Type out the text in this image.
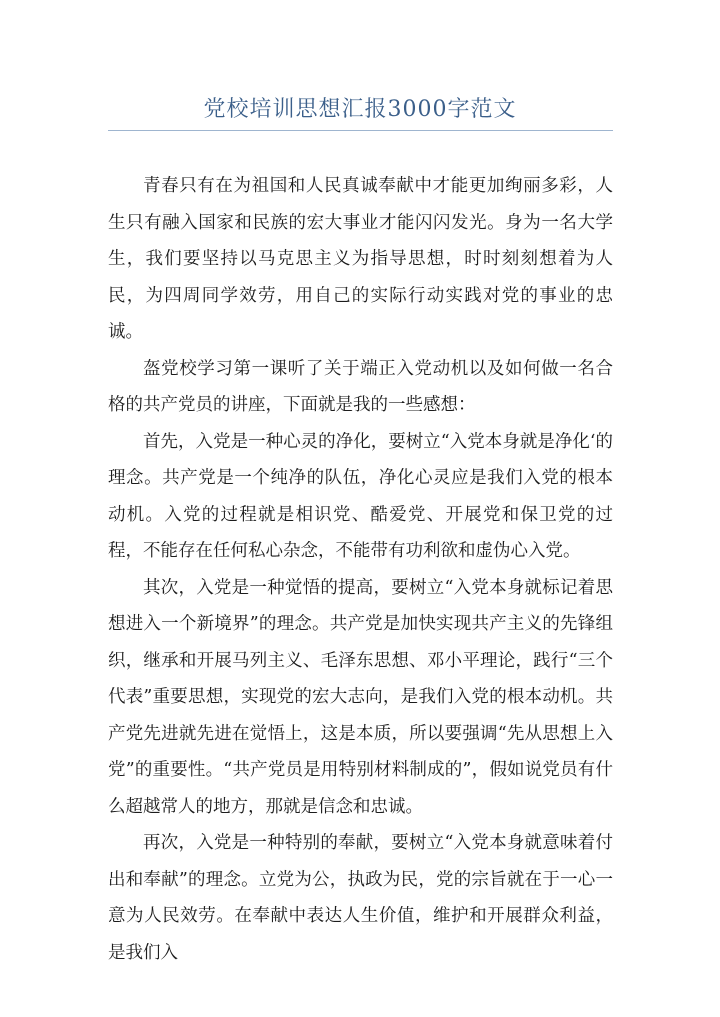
党校培训思想汇报3000字范文

青春只有在为祖国和人民真诚奉献中才能更加绚丽多彩，人生只有融入国家和民族的宏大事业才能闪闪发光。身为一名大学生，我们要坚持以马克思主义为指导思想，时时刻刻想着为人民，为四周同学效劳，用自己的实际行动实践对党的事业的忠诚。

盔党校学习第一课听了关于端正入党动机以及如何做一名合格的共产党员的讲座，下面就是我的一些感想：

首先，入党是一种心灵的净化，要树立“入党本身就是净化‘的理念。共产党是一个纯净的队伍，净化心灵应是我们入党的根本动机。入党的过程就是相识党、酷爱党、开展党和保卫党的过程，不能存在任何私心杂念，不能带有功利欲和虚伪心入党。

其次，入党是一种觉悟的提高，要树立“入党本身就标记着思想进入一个新境界”的理念。共产党是加快实现共产主义的先锋组织，继承和开展马列主义、毛泽东思想、邓小平理论，践行“三个代表”重要思想，实现党的宏大志向，是我们入党的根本动机。共产党先进就先进在觉悟上，这是本质，所以要强调“先从思想上入党”的重要性。“共产党员是用特别材料制成的”，假如说党员有什么超越常人的地方，那就是信念和忠诚。

再次，入党是一种特别的奉献，要树立“入党本身就意味着付出和奉献”的理念。立党为公，执政为民，党的宗旨就在于一心一意为人民效劳。在奉献中表达人生价值，维护和开展群众利益，是我们入
